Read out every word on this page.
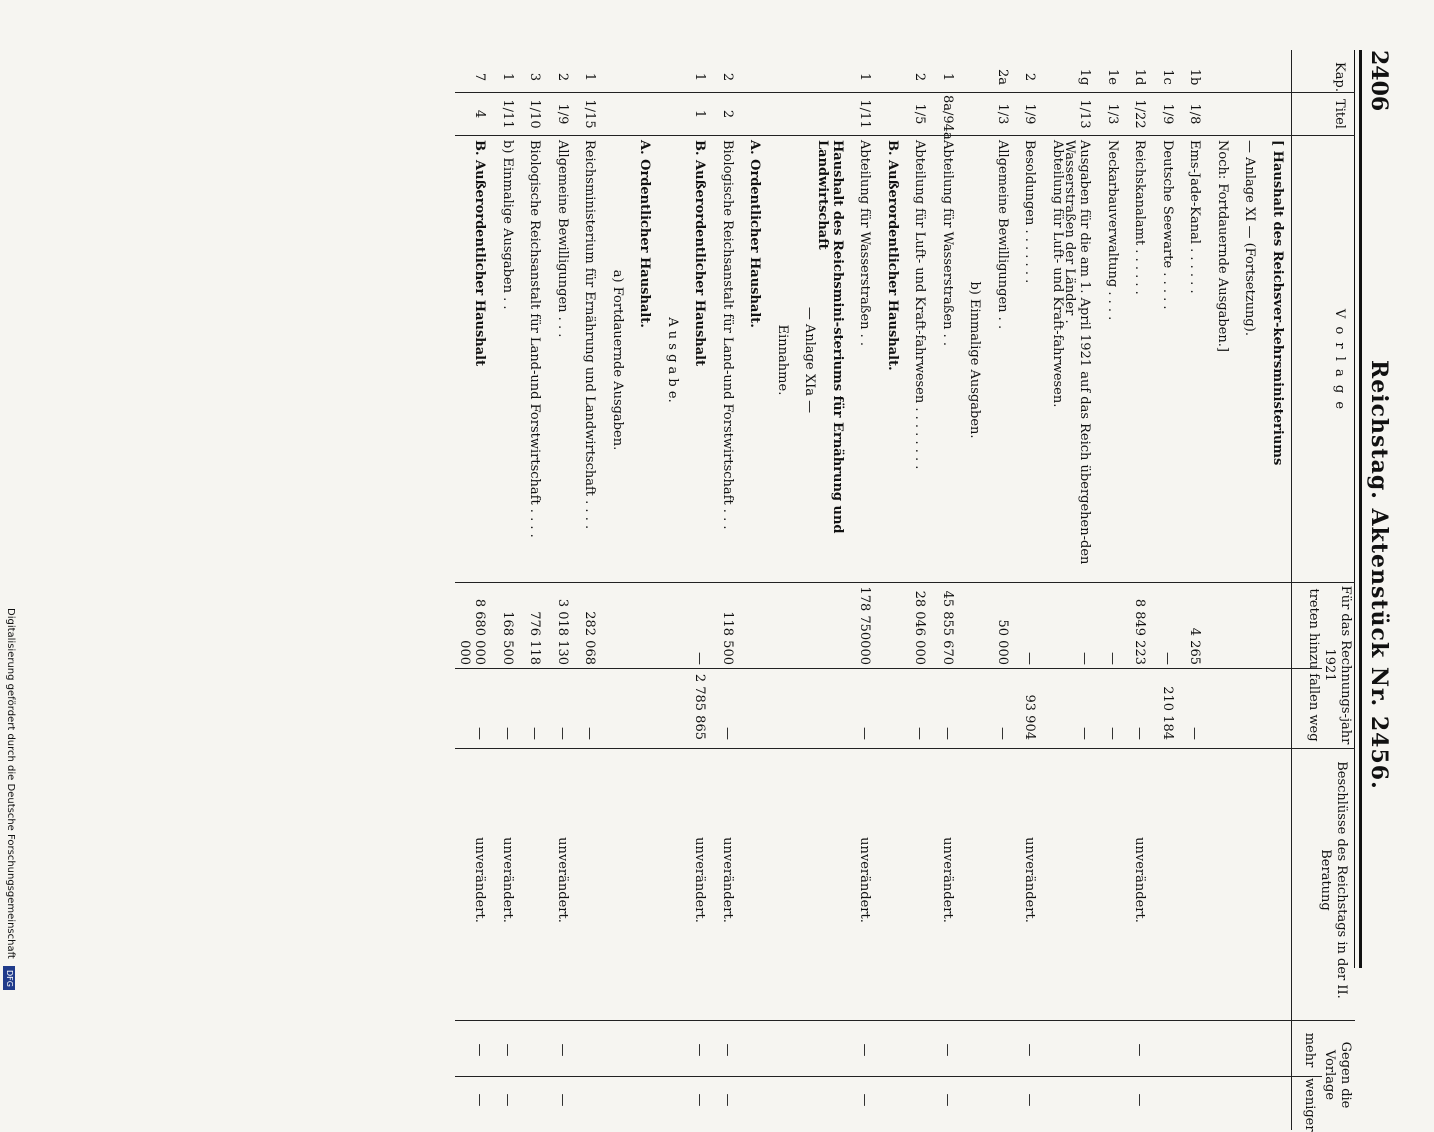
2406
Reichstag. Aktenstück Nr. 2456.
Kap.
Titel
V o r l a g e
Für das Rechnungs-jahr 1921
treten hinzu fallen weg
Beschlüsse des Reichstags in der II. Beratung
Gegen die Vorlage
mehr
weniger
[ Haushalt des Reichsver-kehrsministeriums
— Anlage XI — (Fortsetzung).
Noch: Fortdauernde Ausgaben.]
1b
1/8
Ems-Jade-Kanal . . . . . .
4 265
—
1c
1/9
Deutsche Seewarte . . . . .
—
210 184
1d
1/22
Reichskanalamt . . . . . .
8 849 223
—
unverändert.
—
—
1e
1/3
Neckarbauverwaltung . . . .
—
—
1g
1/13
Ausgaben für die am 1. April 1921 auf das Reich übergehen-den Wasserstraßen der Länder .
—
—
Abteilung für Luft- und Kraft-fahrwesen.
2
1/9
Besoldungen . . . . . . .
—
93 904
unverändert.
—
—
2a
1/3
Allgemeine Bewilligungen . .
50 000
—
b) Einmalige Ausgaben.
1
8a/94a
Abteilung für Wasserstraßen . .
45 855 670
—
unverändert.
—
—
2
1/5
Abteilung für Luft- und Kraft-fahrwesen . . . . . . . .
28 046 000
—
B. Außerordentlicher Haushalt.
1
1/11
Abteilung für Wasserstraßen . .
178 750000
—
unverändert.
—
—
Haushalt des Reichsmini-steriums für Ernährung und Landwirtschaft
— Anlage XIa —
Einnahme.
A. Ordentlicher Haushalt.
2
2
Biologische Reichsanstalt für Land-und Forstwirtschaft . . .
118 500
—
unverändert.
—
—
1
1
B. Außerordentlicher Haushalt
—
2 785 865
unverändert.
—
—
A u s g a b e.
A. Ordentlicher Haushalt.
a) Fortdauernde Ausgaben.
1
1/15
Reichsministerium für Ernährung und Landwirtschaft . . . .
282 068
—
2
1/9
Allgemeine Bewilligungen . . .
3 018 130
—
unverändert.
—
—
3
1/10
Biologische Reichsanstalt für Land-und Forstwirtschaft . . . .
776 118
—
1
1/11
b) Einmalige Ausgaben . .
168 500
—
unverändert.
—
—
7
4
B. Außerordentlicher Haushalt
8 680 000 000
—
unverändert.
—
—
Digitalisierung gefördert durch die Deutsche Forschungsgemeinschaft
DFG
